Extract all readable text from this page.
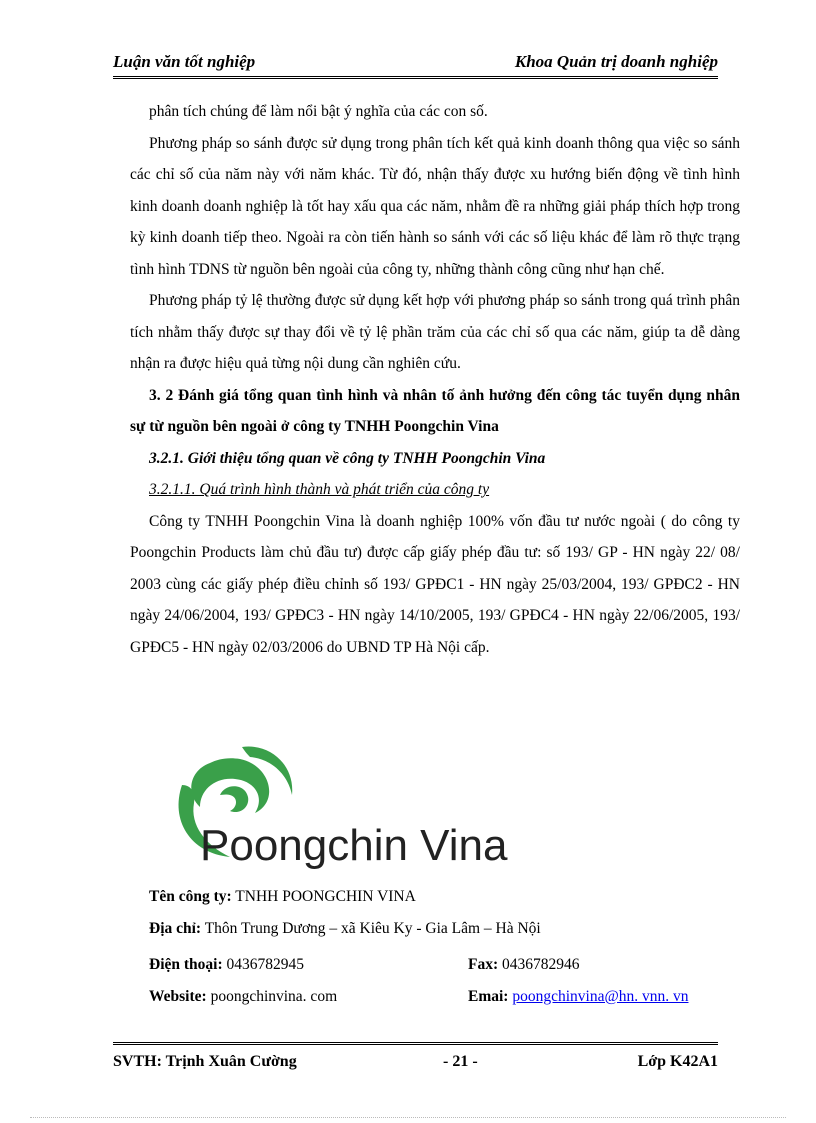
Luận văn tốt nghiệp	Khoa Quản trị doanh nghiệp

phân tích chúng để làm nổi bật ý nghĩa của các con số.

Phương pháp so sánh được sử dụng trong phân tích kết quả kinh doanh thông qua việc so sánh các chỉ số của năm này với năm khác. Từ đó, nhận thấy được xu hướng biến động về tình hình kinh doanh doanh nghiệp là tốt hay xấu qua các năm, nhằm đề ra những giải pháp thích hợp trong kỳ kinh doanh tiếp theo. Ngoài ra còn tiến hành so sánh với các số liệu khác để làm rõ thực trạng tình hình TDNS từ nguồn bên ngoài của công ty, những thành công cũng như hạn chế.

Phương pháp tỷ lệ thường được sử dụng kết hợp với phương pháp so sánh trong quá trình phân tích nhằm thấy được sự thay đổi về tỷ lệ phần trăm của các chỉ số qua các năm, giúp ta dễ dàng nhận ra được hiệu quả từng nội dung cần nghiên cứu.

3. 2 Đánh giá tổng quan tình hình và nhân tố ảnh hưởng đến công tác tuyển dụng nhân sự từ nguồn bên ngoài ở công ty TNHH Poongchin Vina

3.2.1. Giới thiệu tổng quan về công ty TNHH Poongchin Vina

3.2.1.1. Quá trình hình thành và phát triển của công ty

Công ty TNHH Poongchin Vina là doanh nghiệp 100% vốn đầu tư nước ngoài ( do công ty Poongchin Products làm chủ đầu tư) được cấp giấy phép đầu tư: số 193/ GP - HN ngày 22/ 08/ 2003 cùng các giấy phép điều chỉnh số 193/ GPĐC1 - HN ngày 25/03/2004, 193/ GPĐC2 - HN ngày 24/06/2004, 193/ GPĐC3 - HN ngày 14/10/2005, 193/ GPĐC4 - HN ngày 22/06/2005, 193/ GPĐC5 - HN ngày 02/03/2006 do UBND TP Hà Nội cấp.

Poongchin Vina
Tên công ty: TNHH POONGCHIN VINA
Địa chỉ: Thôn Trung Dương – xã Kiêu Ky - Gia Lâm – Hà Nội
Điện thoại: 0436782945	Fax: 0436782946
Website: poongchinvina. com	Emai: poongchinvina@hn. vnn. vn
SVTH: Trịnh Xuân Cường	- 21 -	Lớp K42A1
